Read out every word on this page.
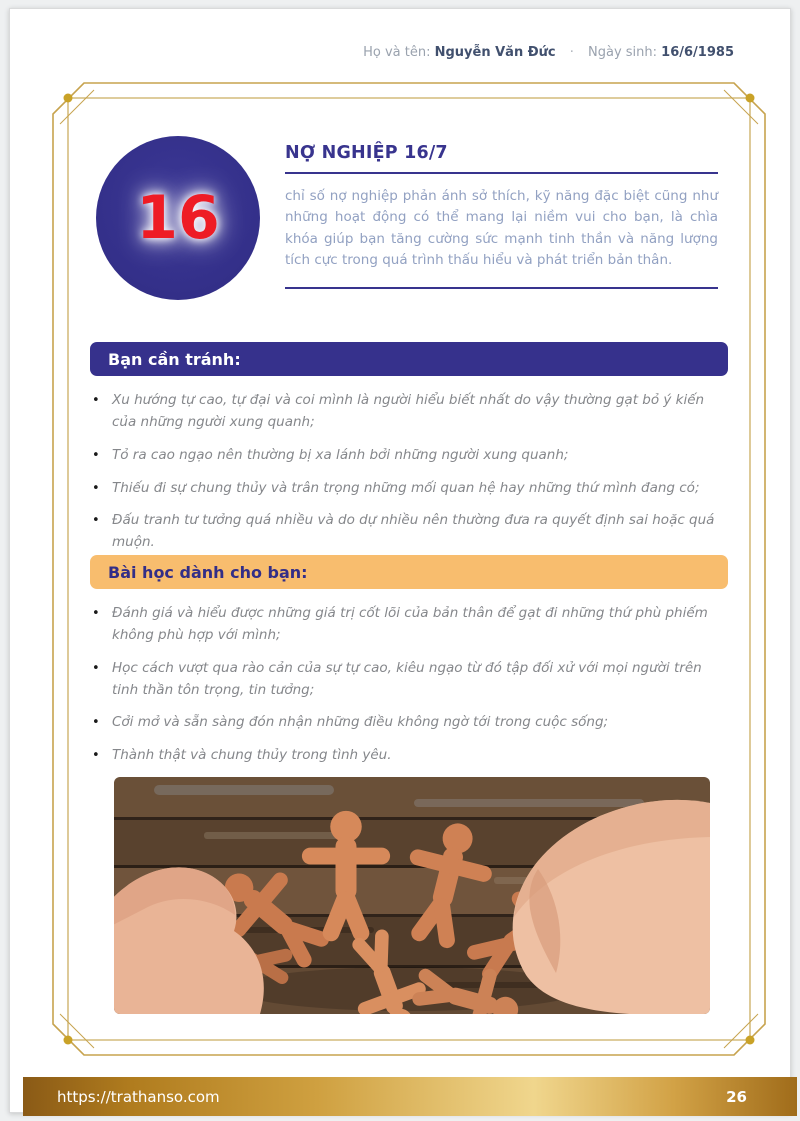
Họ và tên: Nguyễn Văn Đức · Ngày sinh: 16/6/1985
16
NỢ NGHIỆP 16/7

chỉ số nợ nghiệp phản ánh sở thích, kỹ năng đặc biệt cũng như những hoạt động có thể mang lại niềm vui cho bạn, là chìa khóa giúp bạn tăng cường sức mạnh tinh thần và năng lượng tích cực trong quá trình thấu hiểu và phát triển bản thân.

Bạn cần tránh:
• Xu hướng tự cao, tự đại và coi mình là người hiểu biết nhất do vậy thường gạt bỏ ý kiến của những người xung quanh;
• Tỏ ra cao ngạo nên thường bị xa lánh bởi những người xung quanh;
• Thiếu đi sự chung thủy và trân trọng những mối quan hệ hay những thứ mình đang có;
• Đấu tranh tư tưởng quá nhiều và do dự nhiều nên thường đưa ra quyết định sai hoặc quá muộn.
Bài học dành cho bạn:
• Đánh giá và hiểu được những giá trị cốt lõi của bản thân để gạt đi những thứ phù phiếm không phù hợp với mình;
• Học cách vượt qua rào cản của sự tự cao, kiêu ngạo từ đó tập đối xử với mọi người trên tinh thần tôn trọng, tin tưởng;
• Cởi mở và sẵn sàng đón nhận những điều không ngờ tới trong cuộc sống;
• Thành thật và chung thủy trong tình yêu.
https://trathanso.com	26
